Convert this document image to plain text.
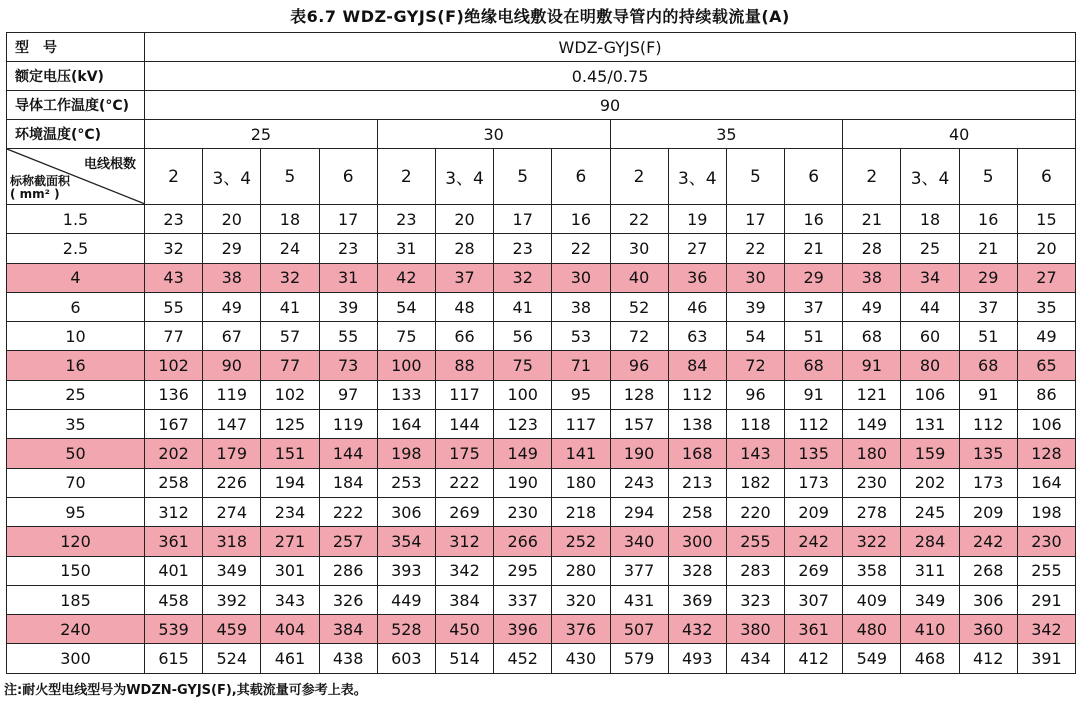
表6.7 WDZ-GYJS(F)绝缘电线敷设在明敷导管内的持续载流量(A)
型　号	WDZ-GYJS(F)															
额定电压(kV)	0.45/0.75															
导体工作温度(°C)	90															
环境温度(°C)	25				30				35				40			

电线根数
标称截面积
( mm² )	2	3、4	5	6	2	3、4	5	6	2	3、4	5	6	2	3、4	5	6
1.5	23	20	18	17	23	20	17	16	22	19	17	16	21	18	16	15
2.5	32	29	24	23	31	28	23	22	30	27	22	21	28	25	21	20
4	43	38	32	31	42	37	32	30	40	36	30	29	38	34	29	27
6	55	49	41	39	54	48	41	38	52	46	39	37	49	44	37	35
10	77	67	57	55	75	66	56	53	72	63	54	51	68	60	51	49
16	102	90	77	73	100	88	75	71	96	84	72	68	91	80	68	65
25	136	119	102	97	133	117	100	95	128	112	96	91	121	106	91	86
35	167	147	125	119	164	144	123	117	157	138	118	112	149	131	112	106
50	202	179	151	144	198	175	149	141	190	168	143	135	180	159	135	128
70	258	226	194	184	253	222	190	180	243	213	182	173	230	202	173	164
95	312	274	234	222	306	269	230	218	294	258	220	209	278	245	209	198
120	361	318	271	257	354	312	266	252	340	300	255	242	322	284	242	230
150	401	349	301	286	393	342	295	280	377	328	283	269	358	311	268	255
185	458	392	343	326	449	384	337	320	431	369	323	307	409	349	306	291
240	539	459	404	384	528	450	396	376	507	432	380	361	480	410	360	342
300	615	524	461	438	603	514	452	430	579	493	434	412	549	468	412	391
注:耐火型电线型号为WDZN-GYJS(F),其载流量可参考上表。
